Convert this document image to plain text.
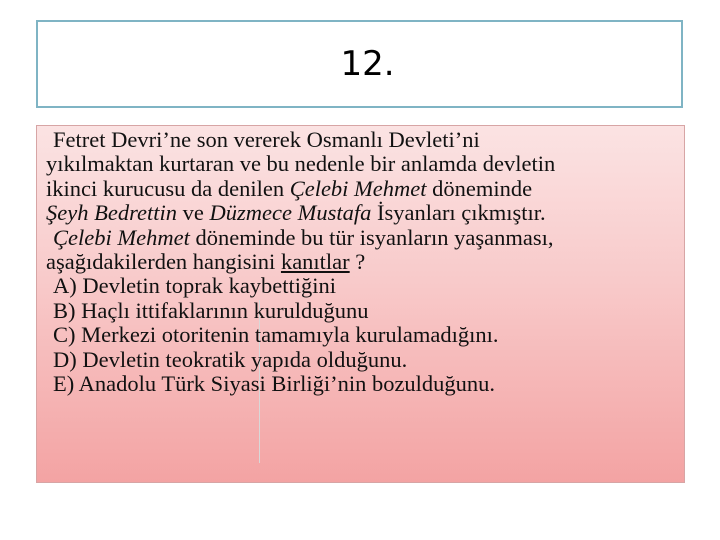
12.
Fetret Devri’ne son vererek Osmanlı Devleti’ni
yıkılmaktan kurtaran ve bu nedenle bir anlamda devletin
ikinci kurucusu da denilen Çelebi Mehmet döneminde
Şeyh Bedrettin ve Düzmece Mustafa İsyanları çıkmıştır.
Çelebi Mehmet döneminde bu tür isyanların yaşanması,
aşağıdakilerden hangisini kanıtlar ?
A) Devletin toprak kaybettiğini
B) Haçlı ittifaklarının kurulduğunu
C) Merkezi otoritenin tamamıyla kurulamadığını.
D) Devletin teokratik yapıda olduğunu.
E) Anadolu Türk Siyasi Birliği’nin bozulduğunu.
